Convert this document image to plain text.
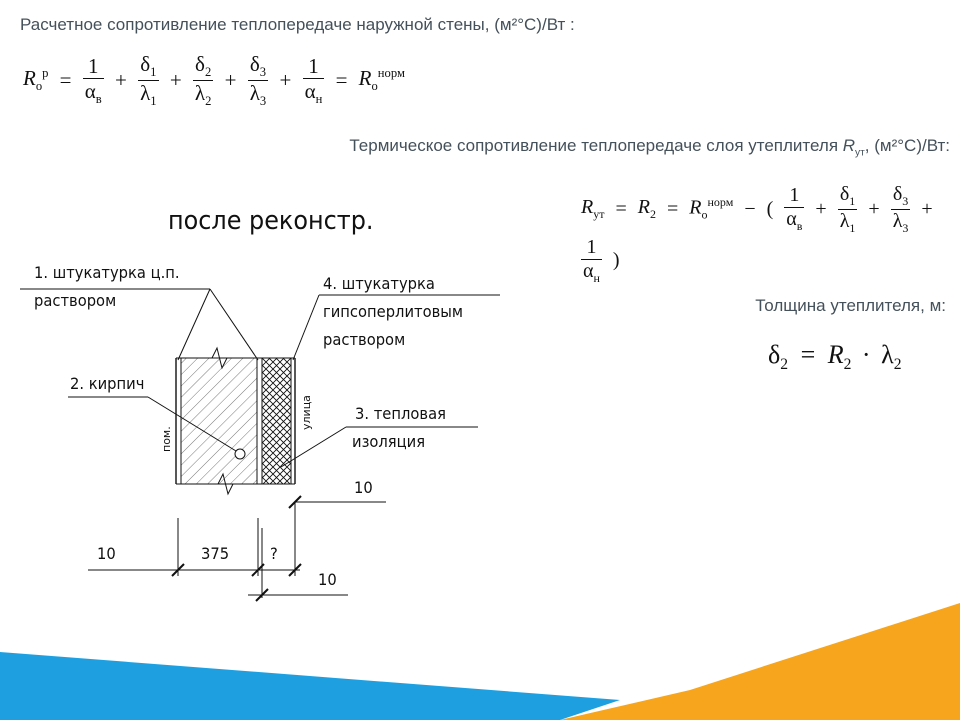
Расчетное сопротивление теплопередаче наружной стены, (м²°С)/Вт :
$R_о^р = \frac{1}{\alpha_в} + \frac{\delta_1}{\lambda_1} + \frac{\delta_2}{\lambda_2} + \frac{\delta_3}{\lambda_3} + \frac{1}{\alpha_н} = R_о^{норм}$
Термическое сопротивление теплопередаче слоя утеплителя $R_{ут}$, (м²°С)/Вт:
$R_{ут} = R_2 = R_о^{норм}$ − ( $\frac{1}{\alpha_в} + \frac{\delta_1}{\lambda_1} + \frac{\delta_3}{\lambda_3}$ +
$\frac{1}{\alpha_н}$ )
Толщина утеплителя, м:
$\delta_2 = R_2 \cdot \lambda_2$
после реконстр.
пом.
улица
1. штукатурка ц.п.
раствором
2. кирпич
3. тепловая
изоляция
4. штукатурка
гипсоперлитовым
раствором
10	375	?
10
10
